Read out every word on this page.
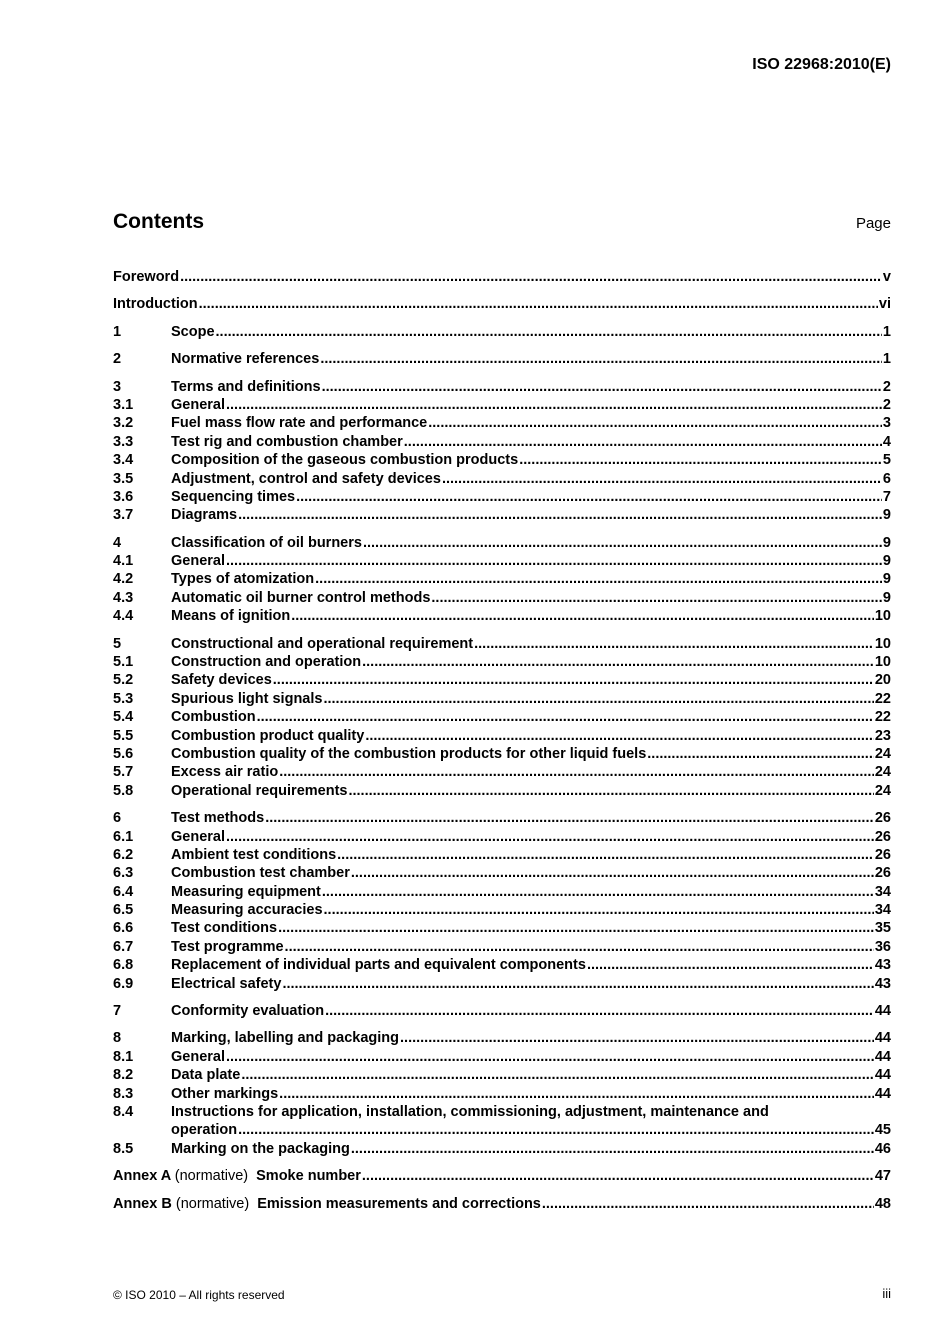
ISO 22968:2010(E)
Contents	Page
Foreword .....	v
Introduction .....	vi
1	Scope .....	1
2	Normative references .....	1
3	Terms and definitions .....	2
3.1	General .....	2
3.2	Fuel mass flow rate and performance .....	3
3.3	Test rig and combustion chamber .....	4
3.4	Composition of the gaseous combustion products .....	5
3.5	Adjustment, control and safety devices .....	6
3.6	Sequencing times .....	7
3.7	Diagrams .....	9
4	Classification of oil burners .....	9
4.1	General .....	9
4.2	Types of atomization .....	9
4.3	Automatic oil burner control methods .....	9
4.4	Means of ignition .....	10
5	Constructional and operational requirement .....	10
5.1	Construction and operation .....	10
5.2	Safety devices .....	20
5.3	Spurious light signals .....	22
5.4	Combustion .....	22
5.5	Combustion product quality .....	23
5.6	Combustion quality of the combustion products for other liquid fuels .....	24
5.7	Excess air ratio .....	24
5.8	Operational requirements .....	24
6	Test methods .....	26
6.1	General .....	26
6.2	Ambient test conditions .....	26
6.3	Combustion test chamber .....	26
6.4	Measuring equipment .....	34
6.5	Measuring accuracies .....	34
6.6	Test conditions .....	35
6.7	Test programme .....	36
6.8	Replacement of individual parts and equivalent components .....	43
6.9	Electrical safety .....	43
7	Conformity evaluation .....	44
8	Marking, labelling and packaging .....	44
8.1	General .....	44
8.2	Data plate .....	44
8.3	Other markings .....	44
8.4	Instructions for application, installation, commissioning, adjustment, maintenance and
operation .....	45
8.5	Marking on the packaging .....	46
Annex A (normative) Smoke number .....	47
Annex B (normative) Emission measurements and corrections .....	48
© ISO 2010 – All rights reserved	iii
